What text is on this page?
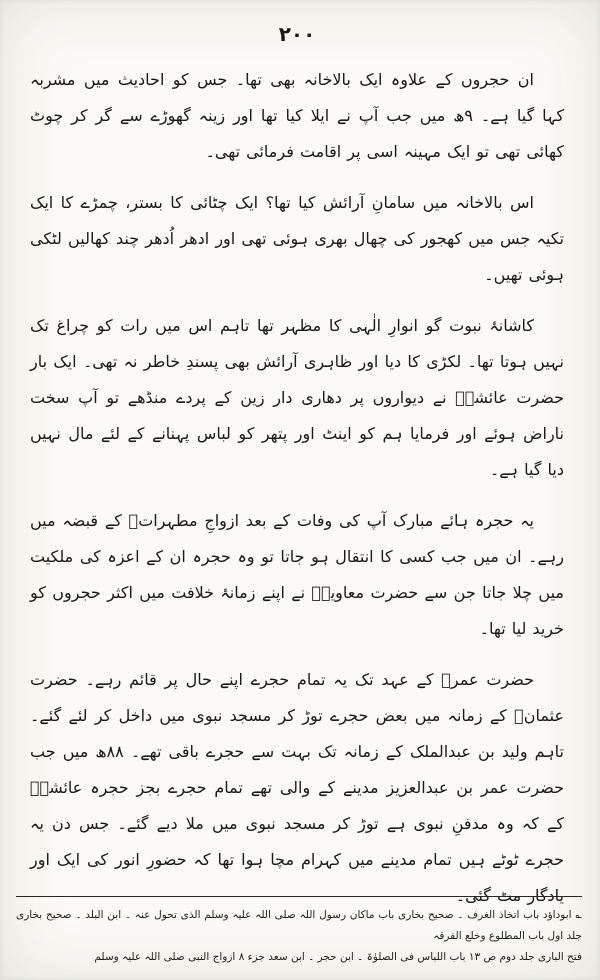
۲۰۰

ان حجروں کے علاوہ ایک بالاخانہ بھی تھا۔ جس کو احادیث میں مشربہ کہا گیا ہے۔ ۹ھ میں جب آپ نے ایلا کیا تھا اور زینہ گھوڑے سے گر کر چوٹ کھائی تھی تو ایک مہینہ اسی پر اقامت فرمائی تھی۔

اس بالاخانہ میں سامانِ آرائش کیا تھا؟ ایک چٹائی کا بستر، چمڑے کا ایک تکیہ جس میں کھجور کی چھال بھری ہوئی تھی اور ادھر اُدھر چند کھالیں لٹکی ہوئی تھیں۔

کاشانۂ نبوت گو انوارِ الٰہی کا مظہر تھا تاہم اس میں رات کو چراغ تک نہیں ہوتا تھا۔ لکڑی کا دیا اور ظاہری آرائش بھی پسندِ خاطر نہ تھی۔ ایک بار حضرت عائشہؓ نے دیواروں پر دھاری دار زین کے پردے منڈھے تو آپ سخت ناراض ہوئے اور فرمایا ہم کو اینٹ اور پتھر کو لباس پہنانے کے لئے مال نہیں دیا گیا ہے۔

یہ حجرہ ہائے مبارک آپ کی وفات کے بعد ازواجِ مطہراتؓ کے قبضہ میں رہے۔ ان میں جب کسی کا انتقال ہو جاتا تو وہ حجرہ ان کے اعزہ کی ملکیت میں چلا جاتا جن سے حضرت معاویہؓ نے اپنے زمانۂ خلافت میں اکثر حجروں کو خرید لیا تھا۔

حضرت عمرؓ کے عہد تک یہ تمام حجرے اپنے حال پر قائم رہے۔ حضرت عثمانؓ کے زمانہ میں بعض حجرے توڑ کر مسجد نبوی میں داخل کر لئے گئے۔ تاہم ولید بن عبدالملک کے زمانہ تک بہت سے حجرے باقی تھے۔ ۸۸ھ میں جب حضرت عمر بن عبدالعزیز مدینے کے والی تھے تمام حجرے بجز حجرہ عائشہؓ کے کہ وہ مدفنِ نبوی ہے توڑ کر مسجد نبوی میں ملا دیے گئے۔ جس دن یہ حجرے ٹوٹے ہیں تمام مدینے میں کہرام مچا ہوا تھا کہ حضورِ انور کی ایک اور یادگار مٹ گئی۔

؎ابوداؤد باب اتخاذ الغرف ۔ صحیح بخاری باب ماکان رسول اللہ صلی اللہ علیہ وسلم الذی تحول عنہ ۔ ابن البلد ۔ صحیح بخاری جلد اول باب المطلوع وخلع الفرقہ
فتح الباری جلد دوم ص ۱۳ باب اللباس فی الصلوٰۃ ۔ ابن حجر ۔ ابن سعد جزء ۸ ازواج النبی صلی اللہ علیہ وسلم
